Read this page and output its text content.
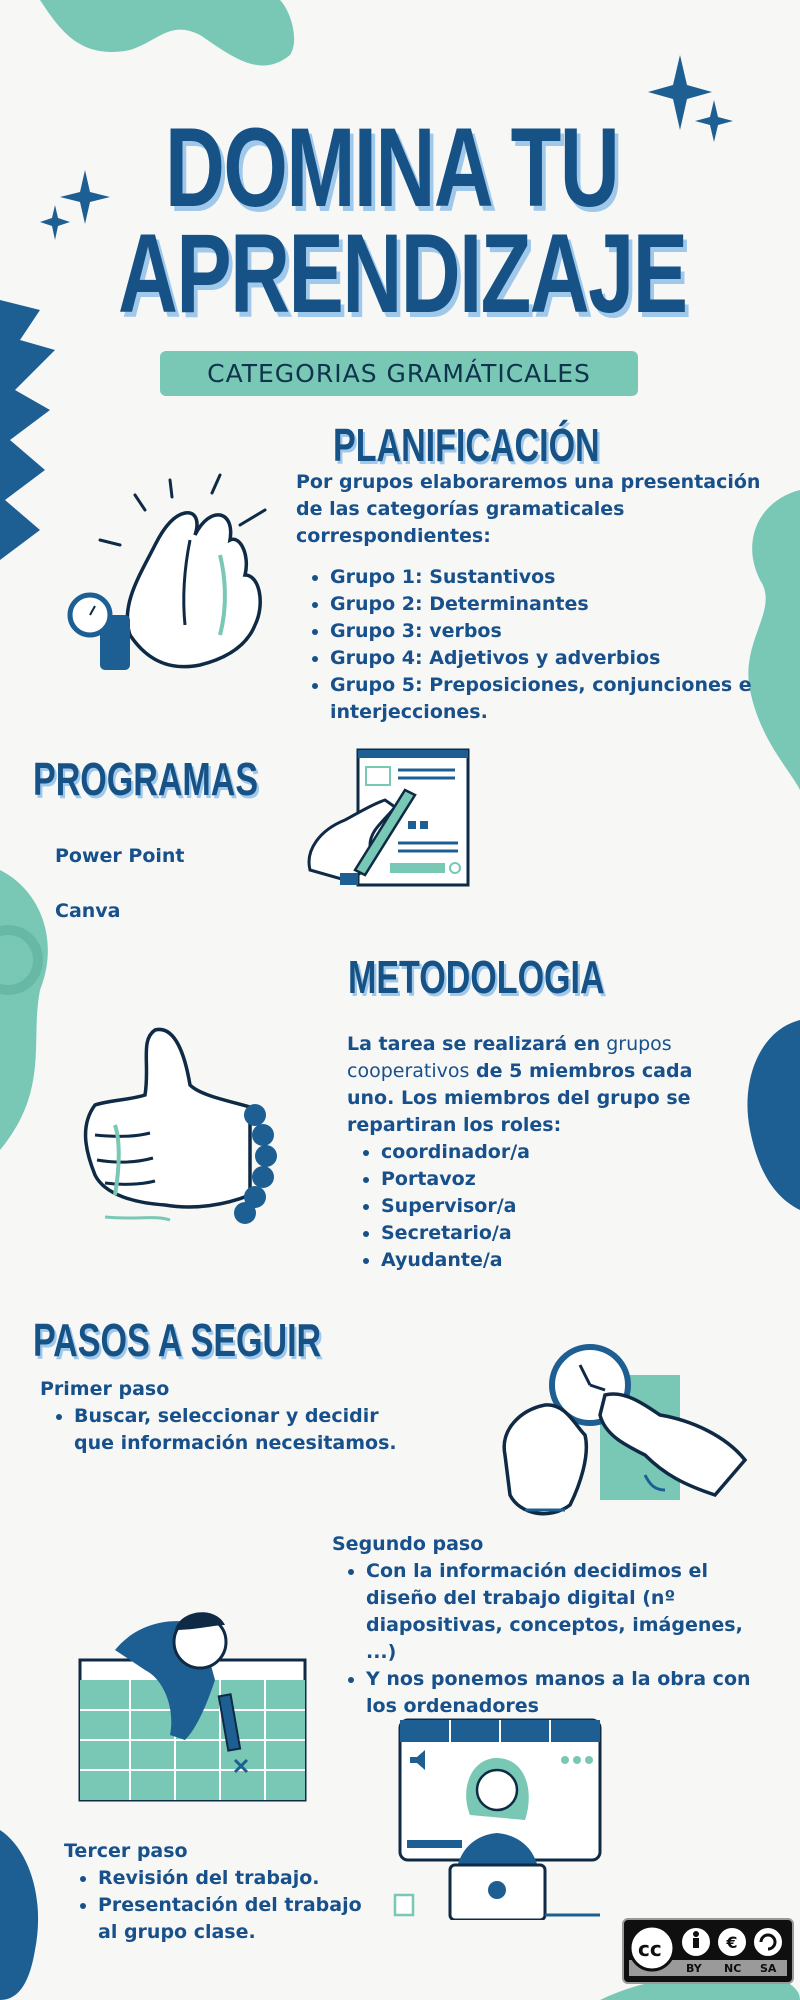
DOMINA TU
APRENDIZAJE
CATEGORIAS GRAMÁTICALES
PLANIFICACIÓN
Por grupos elaboraremos una presentación de las categorías gramaticales correspondientes:
• Grupo 1: Sustantivos
• Grupo 2: Determinantes
• Grupo 3: verbos
• Grupo 4: Adjetivos y adverbios
• Grupo 5: Preposiciones, conjunciones e interjecciones.
PROGRAMAS
Power Point
Canva
METODOLOGIA
La tarea se realizará en grupos cooperativos de 5 miembros cada uno. Los miembros del grupo se repartiran los roles:
• coordinador/a
• Portavoz
• Supervisor/a
• Secretario/a
• Ayudante/a
PASOS A SEGUIR
Primer paso
• Buscar, seleccionar y decidir que información necesitamos.
Segundo paso
• Con la información decidimos el diseño del trabajo digital (nº diapositivas, conceptos, imágenes, ...)
• Y nos ponemos manos a la obra con los ordenadores
Tercer paso
• Revisión del trabajo.
• Presentación del trabajo al grupo clase.	€
cc
BY NC SA
